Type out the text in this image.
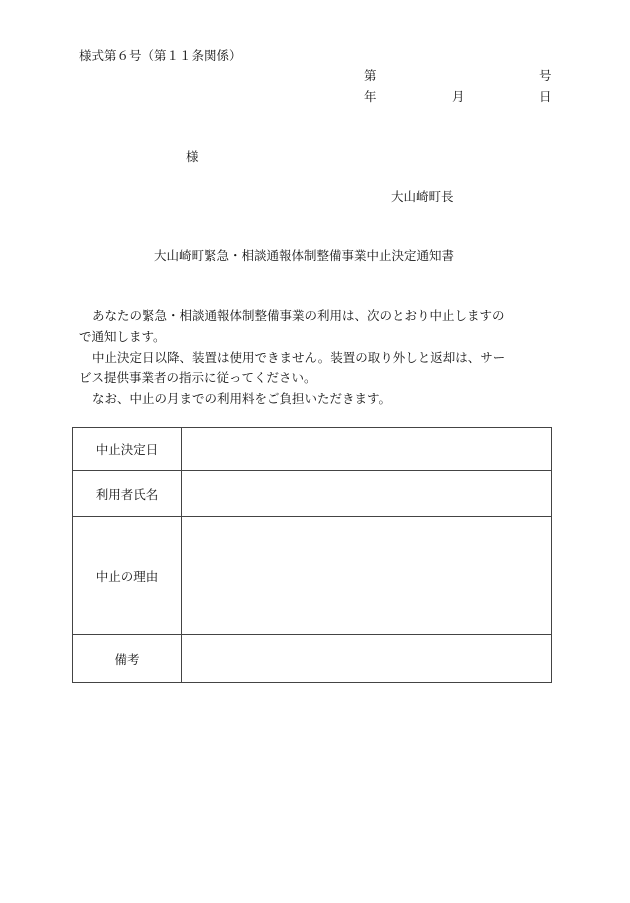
様式第６号（第１１条関係）
第	号
年	月	日
様
大山崎町長
大山崎町緊急・相談通報体制整備事業中止決定通知書
あなたの緊急・相談通報体制整備事業の利用は、次のとおり中止しますの
で通知します。
中止決定日以降、装置は使用できません。装置の取り外しと返却は、サー
ビス提供事業者の指示に従ってください。
なお、中止の月までの利用料をご負担いただきます。
中止決定日	
利用者氏名	
中止の理由	
備考	
